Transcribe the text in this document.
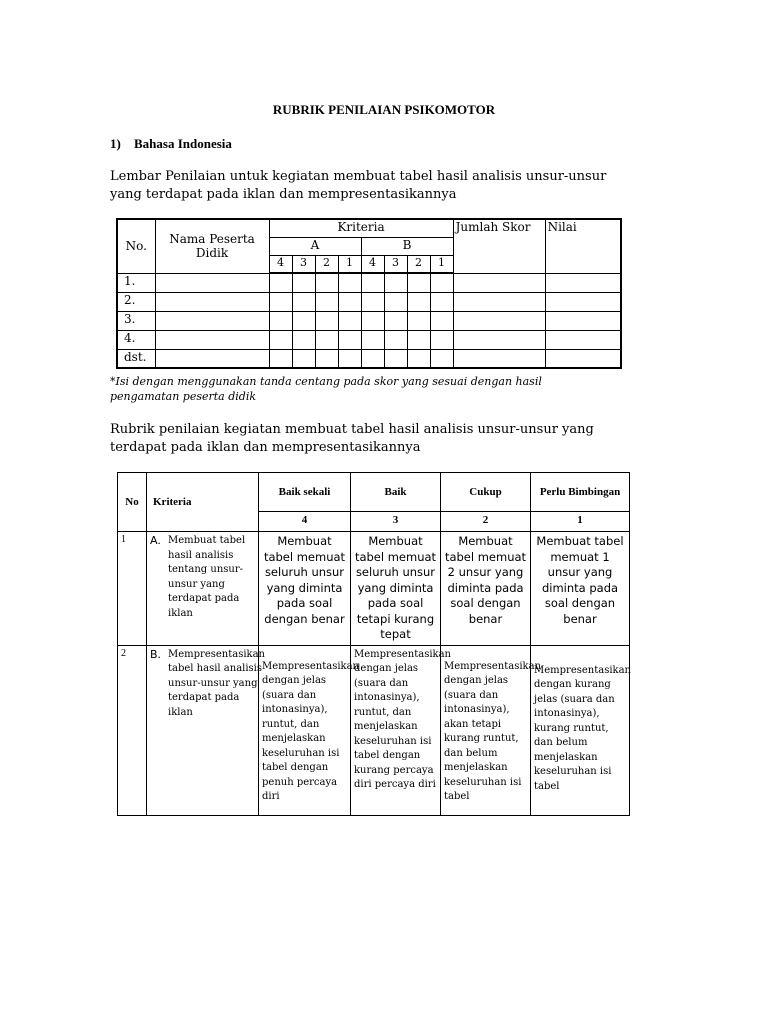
RUBRIK PENILAIAN PSIKOMOTOR
1) Bahasa Indonesia
Lembar Penilaian untuk kegiatan membuat tabel hasil analisis unsur-unsur yang terdapat pada iklan dan mempresentasikannya
No.	Nama Peserta Didik	Kriteria								Jumlah Skor	Nilai
		A				B					
		4	3	2	1	4	3	2	1		
1.											
2.											
3.											
4.											
dst.											
*Isi dengan menggunakan tanda centang pada skor yang sesuai dengan hasil pengamatan peserta didik
Rubrik penilaian kegiatan membuat tabel hasil analisis unsur-unsur yang terdapat pada iklan dan mempresentasikannya
No	Kriteria	Baik sekali	Baik	Cukup	Perlu Bimbingan
		4	3	2	1
1	A. Membuat tabel hasil analisis tentang unsur-unsur yang terdapat pada iklan	Membuat tabel memuat seluruh unsur yang diminta pada soal dengan benar	Membuat tabel memuat seluruh unsur yang diminta pada soal tetapi kurang tepat	Membuat tabel memuat 2 unsur yang diminta pada soal dengan benar	Membuat tabel memuat 1 unsur yang diminta pada soal dengan benar
2	B. Mempresentasikan tabel hasil analisis unsur-unsur yang terdapat pada iklan	Mempresentasikan dengan jelas (suara dan intonasinya), runtut, dan menjelaskan keseluruhan isi tabel dengan penuh percaya diri	Mempresentasikan dengan jelas (suara dan intonasinya), runtut, dan menjelaskan keseluruhan isi tabel dengan kurang percaya diri percaya diri	Mempresentasikan dengan jelas (suara dan intonasinya), akan tetapi kurang runtut, dan belum menjelaskan keseluruhan isi tabel	Mempresentasikan dengan kurang jelas (suara dan intonasinya), kurang runtut, dan belum menjelaskan keseluruhan isi tabel
